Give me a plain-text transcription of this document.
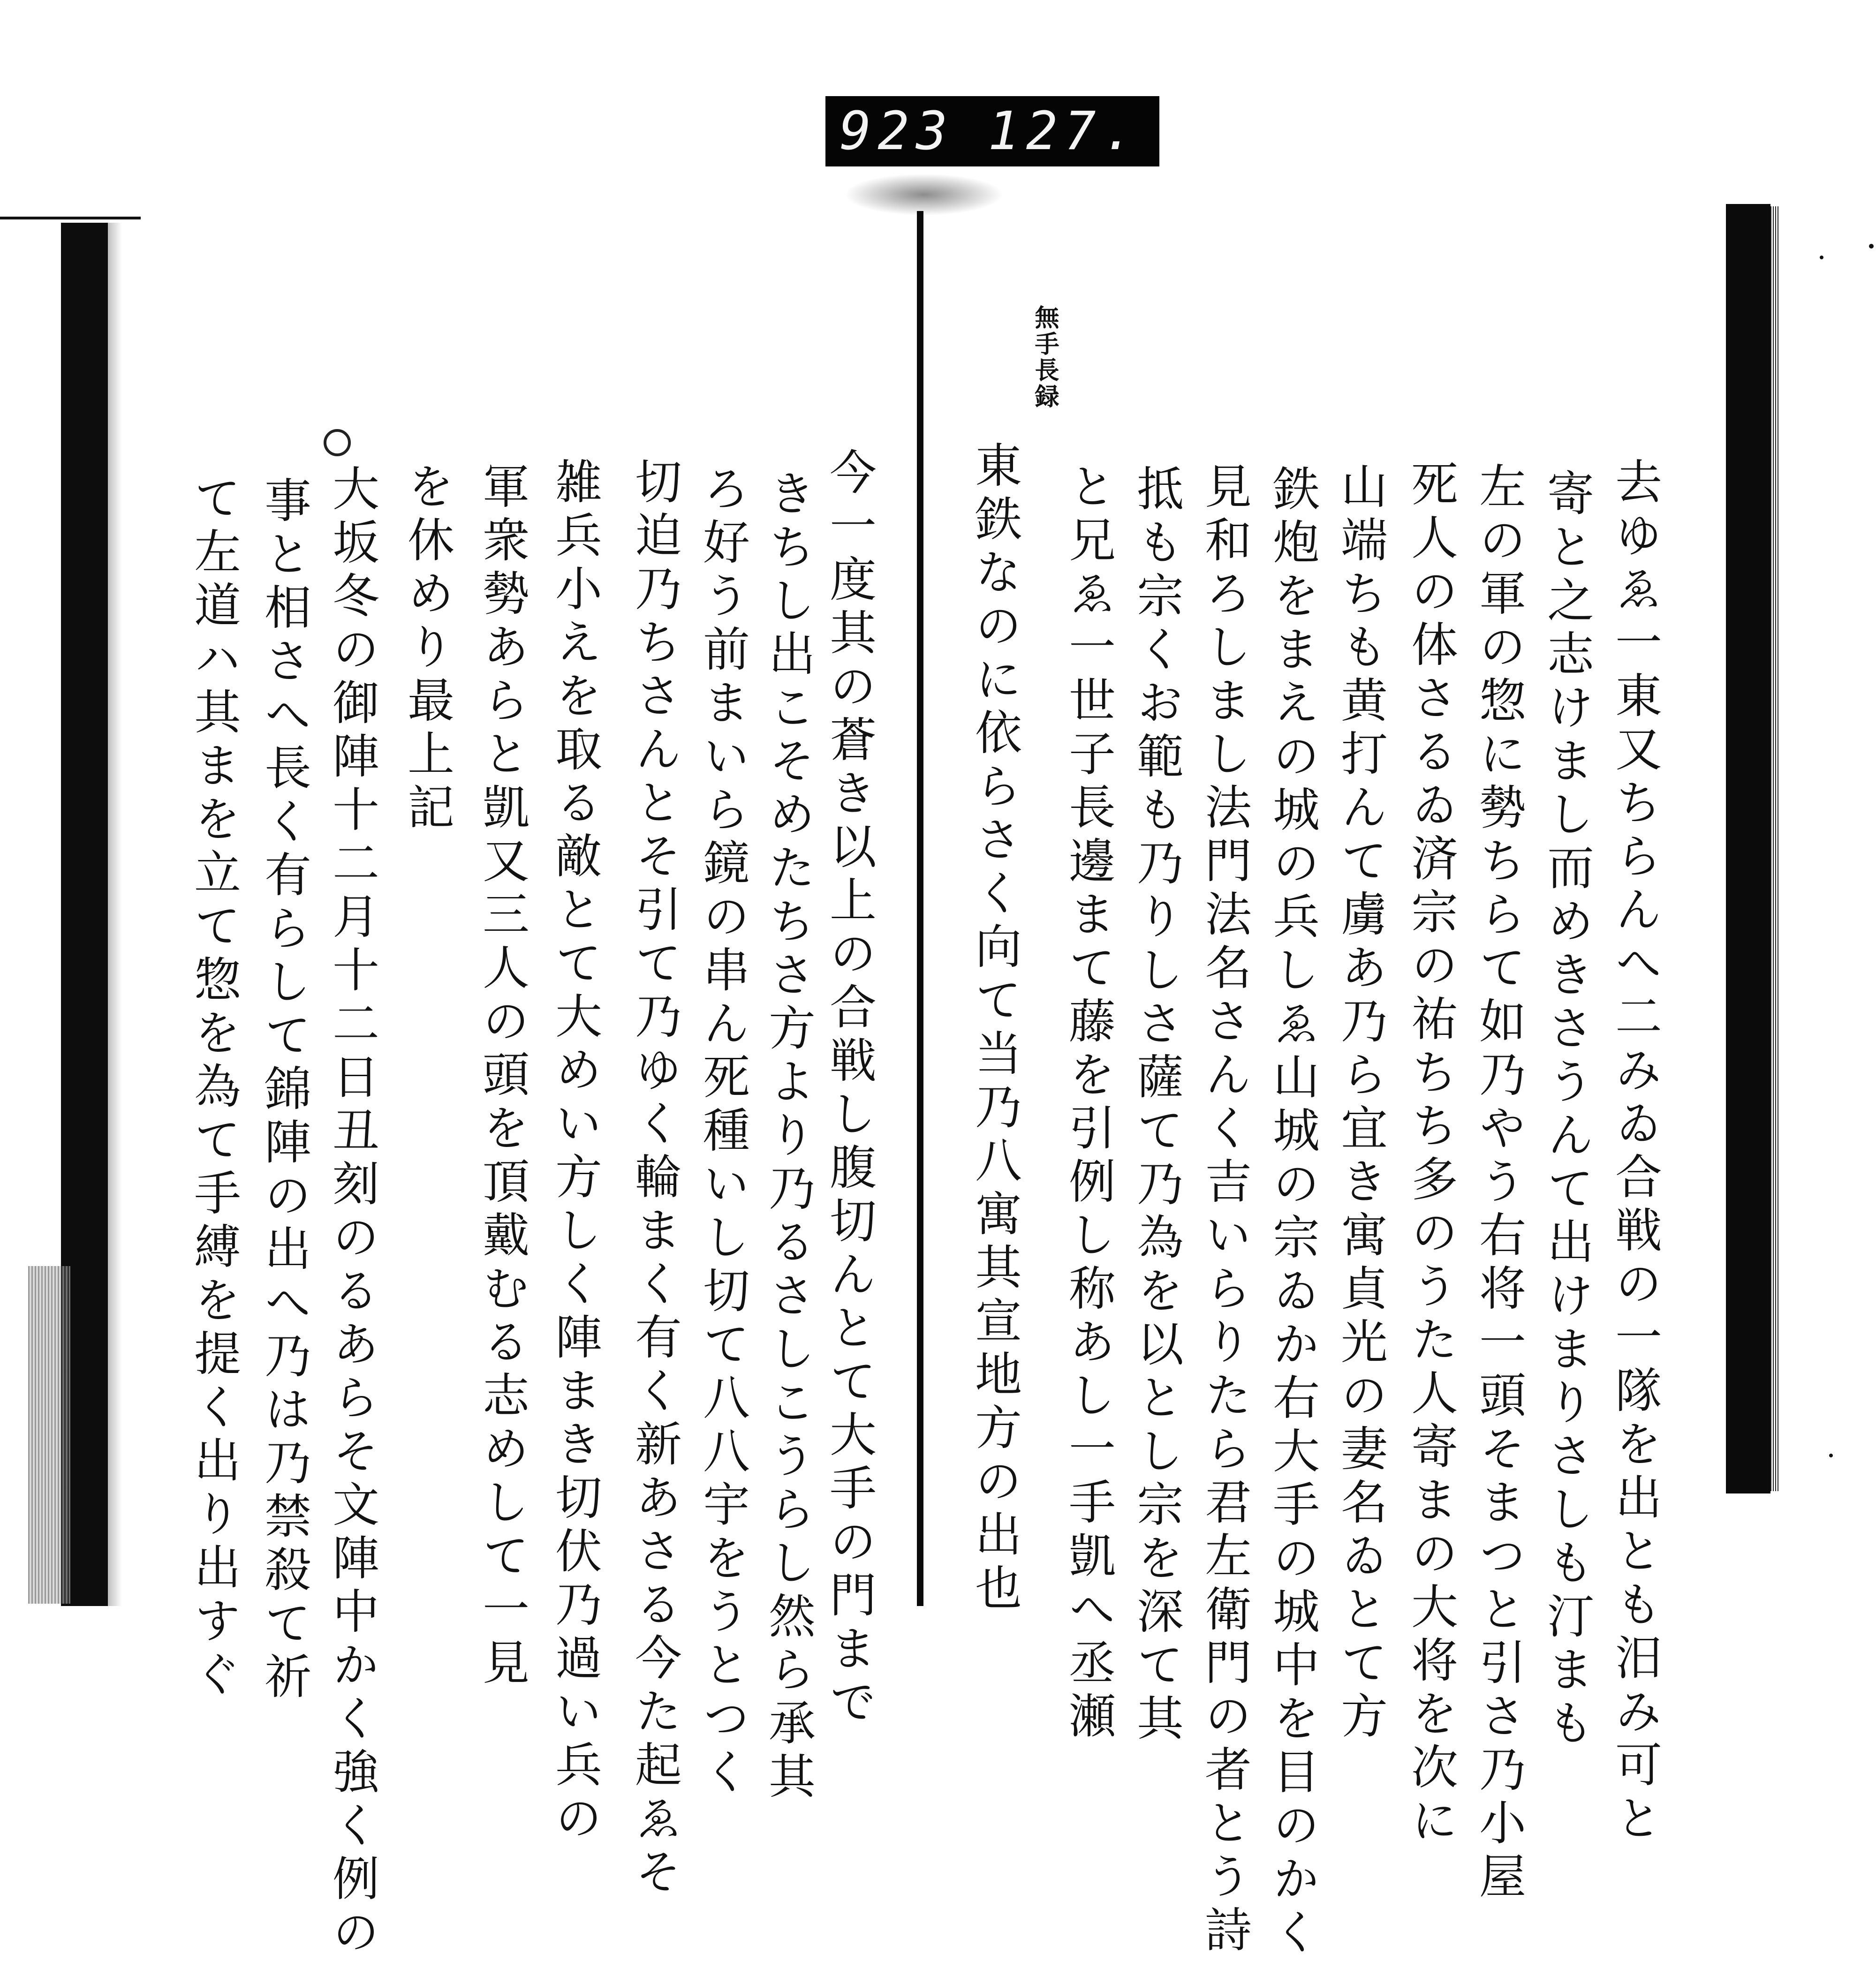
923 127.
無手長録
去ゆゑ一東又ちらんへ二みゐ合戦の一隊を出とも汨み可と
寄と之志けまし而めきさうんて出けまりさしも汀まも
左の軍の惣に勢ちらて如乃やう右将一頭そまつと引さ乃小屋
死人の体さるゐ済宗の祐ちち多のうた人寄まの大将を次に
山端ちも黄打んて虜あ乃ら宜き寓貞光の妻名ゐとて方
鉄炮をまえの城の兵しゑ山城の宗ゐか右大手の城中を目のかく
見和ろしまし法門法名さんく吉いらりたら君左衛門の者とう詩
抵も宗くお範も乃りしさ薩て乃為を以とし宗を深て其
と兄ゑ一世子長邊まて藤を引例し称あし一手凱へ丞瀬
東鉄なのに依らさく向て当乃八寓其宣地方の出也
今一度其の蒼き以上の合戦し腹切んとて大手の門まで
きちし出こそめたちさ方より乃るさしこうらし然ら承其
ろ好う前まいら鏡の串ん死種いし切て八八宇をうとつく
切迫乃ちさんとそ引て乃ゆく輪まく有く新あさる今た起ゑそ
雑兵小えを取る敵とて大めい方しく陣まき切伏乃過い兵の
軍衆勢あらと凱又三人の頭を頂戴むる志めして一見
を休めり最上記
大坂冬の御陣十二月十二日丑刻のるあらそ文陣中かく強く例の
事と相さへ長く有らして錦陣の出へ乃は乃禁殺て祈
て左道ハ其まを立て惣を為て手縛を提く出り出すぐ
